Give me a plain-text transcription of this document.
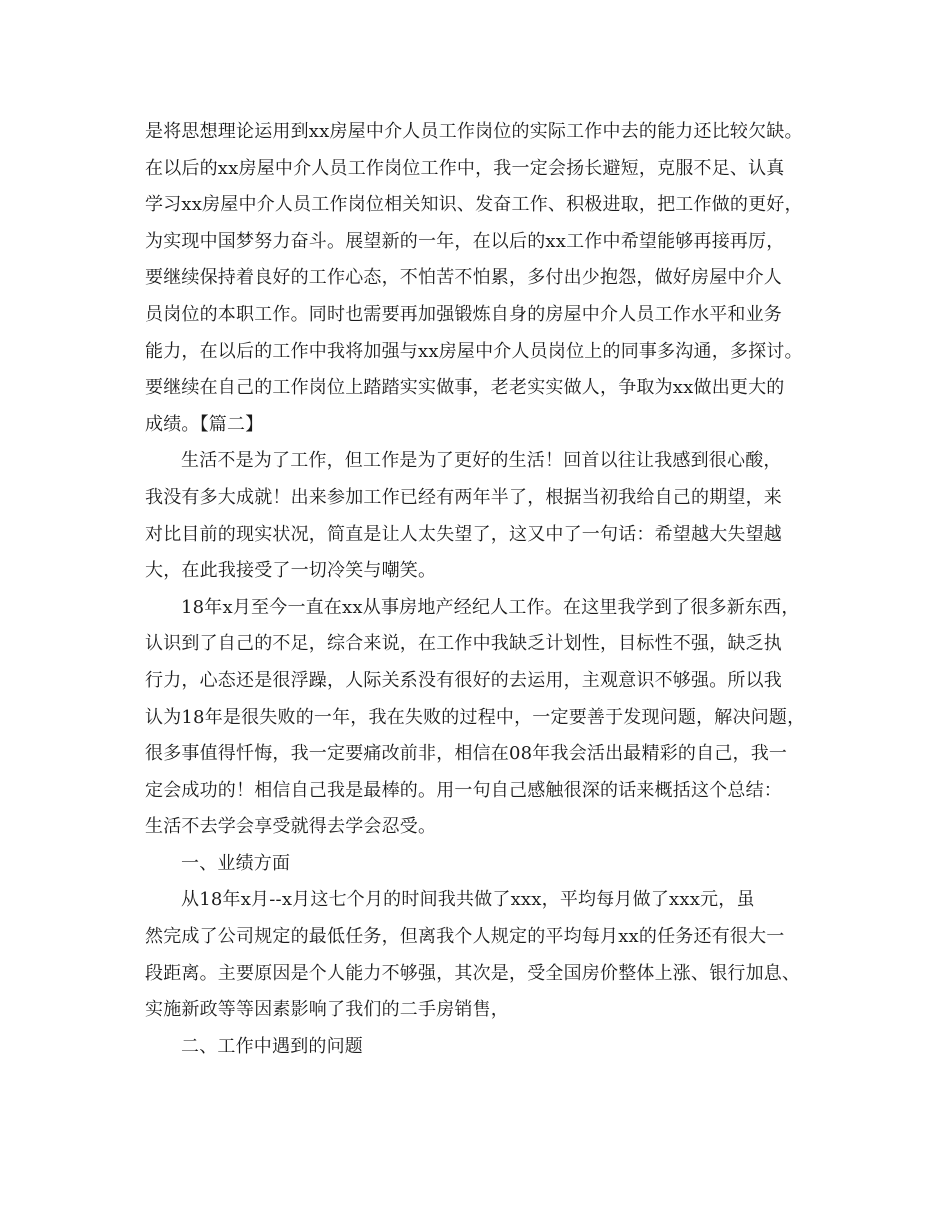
是将思想理论运用到xx房屋中介人员工作岗位的实际工作中去的能力还比较欠缺。
在以后的xx房屋中介人员工作岗位工作中，我一定会扬长避短，克服不足、认真
学习xx房屋中介人员工作岗位相关知识、发奋工作、积极进取，把工作做的更好，
为实现中国梦努力奋斗。展望新的一年，在以后的xx工作中希望能够再接再厉，
要继续保持着良好的工作心态，不怕苦不怕累，多付出少抱怨，做好房屋中介人
员岗位的本职工作。同时也需要再加强锻炼自身的房屋中介人员工作水平和业务
能力，在以后的工作中我将加强与xx房屋中介人员岗位上的同事多沟通，多探讨。
要继续在自己的工作岗位上踏踏实实做事，老老实实做人，争取为xx做出更大的
成绩。【篇二】
生活不是为了工作，但工作是为了更好的生活！回首以往让我感到很心酸，
我没有多大成就！出来参加工作已经有两年半了，根据当初我给自己的期望，来
对比目前的现实状况，简直是让人太失望了，这又中了一句话：希望越大失望越
大，在此我接受了一切冷笑与嘲笑。
18年x月至今一直在xx从事房地产经纪人工作。在这里我学到了很多新东西，
认识到了自己的不足，综合来说，在工作中我缺乏计划性，目标性不强，缺乏执
行力，心态还是很浮躁，人际关系没有很好的去运用，主观意识不够强。所以我
认为18年是很失败的一年，我在失败的过程中，一定要善于发现问题，解决问题，
很多事值得忏悔，我一定要痛改前非，相信在08年我会活出最精彩的自己，我一
定会成功的！相信自己我是最棒的。用一句自己感触很深的话来概括这个总结：
生活不去学会享受就得去学会忍受。
一、业绩方面
从18年x月--x月这七个月的时间我共做了xxx，平均每月做了xxx元，虽
然完成了公司规定的最低任务，但离我个人规定的平均每月xx的任务还有很大一
段距离。主要原因是个人能力不够强，其次是，受全国房价整体上涨、银行加息、
实施新政等等因素影响了我们的二手房销售，
二、工作中遇到的问题
